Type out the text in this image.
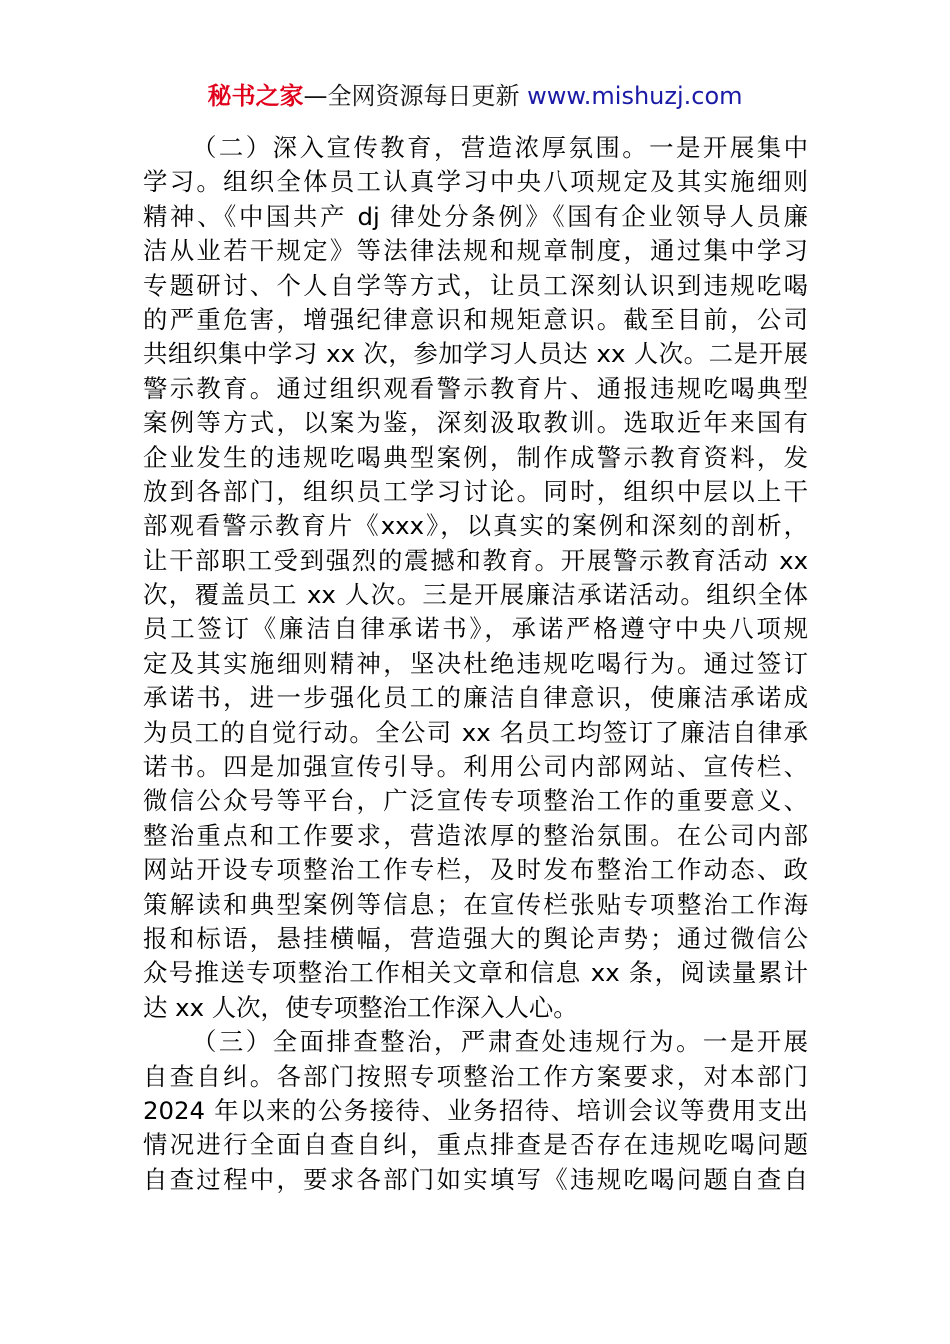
秘书之家—全网资源每日更新 www.mishuzj.com
（二）深入宣传教育，营造浓厚氛围。一是开展集中
学习。组织全体员工认真学习中央八项规定及其实施细则
精神、《中国共产 dj 律处分条例》《国有企业领导人员廉
洁从业若干规定》等法律法规和规章制度，通过集中学习
专题研讨、个人自学等方式，让员工深刻认识到违规吃喝
的严重危害，增强纪律意识和规矩意识。截至目前，公司
共组织集中学习 xx 次，参加学习人员达 xx 人次。二是开展
警示教育。通过组织观看警示教育片、通报违规吃喝典型
案例等方式，以案为鉴，深刻汲取教训。选取近年来国有
企业发生的违规吃喝典型案例，制作成警示教育资料，发
放到各部门，组织员工学习讨论。同时，组织中层以上干
部观看警示教育片《xxx》，以真实的案例和深刻的剖析，
让干部职工受到强烈的震撼和教育。开展警示教育活动 xx
次，覆盖员工 xx 人次。三是开展廉洁承诺活动。组织全体
员工签订《廉洁自律承诺书》，承诺严格遵守中央八项规
定及其实施细则精神，坚决杜绝违规吃喝行为。通过签订
承诺书，进一步强化员工的廉洁自律意识，使廉洁承诺成
为员工的自觉行动。全公司 xx 名员工均签订了廉洁自律承
诺书。四是加强宣传引导。利用公司内部网站、宣传栏、
微信公众号等平台，广泛宣传专项整治工作的重要意义、
整治重点和工作要求，营造浓厚的整治氛围。在公司内部
网站开设专项整治工作专栏，及时发布整治工作动态、政
策解读和典型案例等信息；在宣传栏张贴专项整治工作海
报和标语，悬挂横幅，营造强大的舆论声势；通过微信公
众号推送专项整治工作相关文章和信息 xx 条，阅读量累计
达 xx 人次，使专项整治工作深入人心。
（三）全面排查整治，严肃查处违规行为。一是开展
自查自纠。各部门按照专项整治工作方案要求，对本部门
2024 年以来的公务接待、业务招待、培训会议等费用支出
情况进行全面自查自纠，重点排查是否存在违规吃喝问题
自查过程中，要求各部门如实填写《违规吃喝问题自查自
